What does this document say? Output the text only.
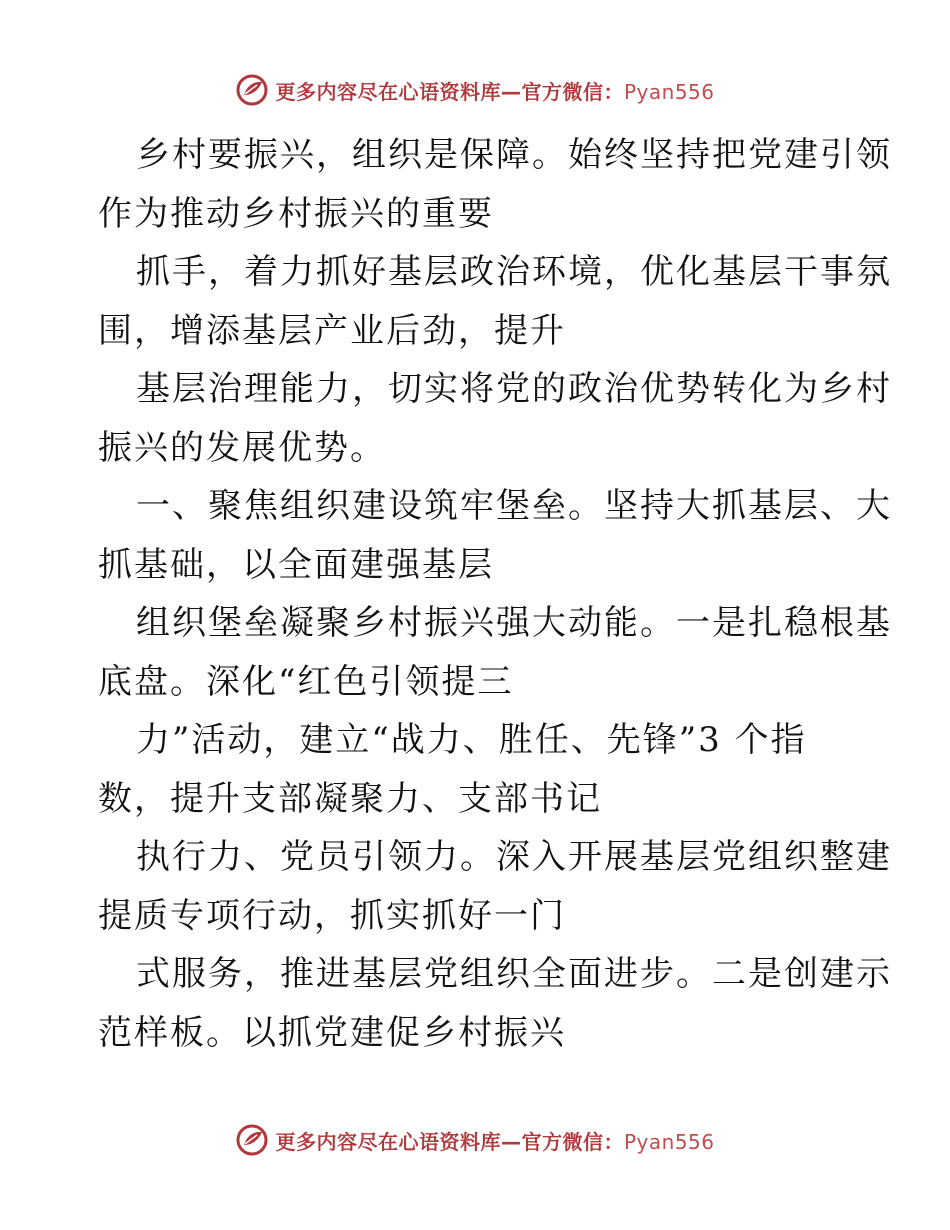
更多内容尽在心语资料库—官方微信：Pyan556
乡村要振兴，组织是保障。始终坚持把党建引领
作为推动乡村振兴的重要
抓手，着力抓好基层政治环境，优化基层干事氛
围，增添基层产业后劲，提升
基层治理能力，切实将党的政治优势转化为乡村
振兴的发展优势。
一、聚焦组织建设筑牢堡垒。坚持大抓基层、大
抓基础，以全面建强基层
组织堡垒凝聚乡村振兴强大动能。一是扎稳根基
底盘。深化“红色引领提三
力”活动，建立“战力、胜任、先锋”3 个指
数，提升支部凝聚力、支部书记
执行力、党员引领力。深入开展基层党组织整建
提质专项行动，抓实抓好一门
式服务，推进基层党组织全面进步。二是创建示
范样板。以抓党建促乡村振兴
更多内容尽在心语资料库—官方微信：Pyan556
